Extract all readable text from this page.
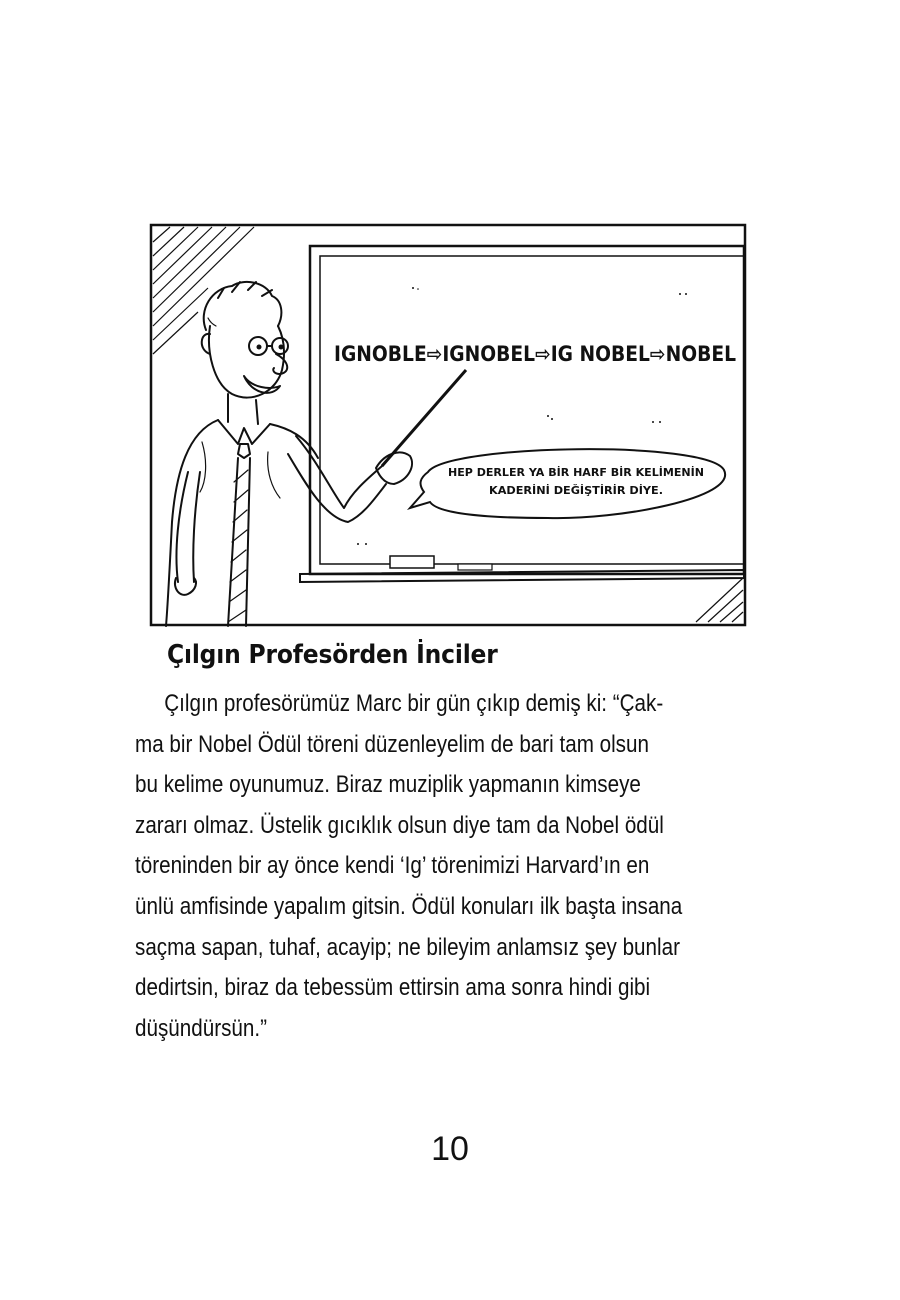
IGNOBLE⇨IGNOBEL⇨IG NOBEL⇨NOBEL
HEP DERLER YA BİR HARF BİR KELİMENİN
KADERİNİ DEĞİŞTİRİR DİYE.
Çılgın Profesörden İnciler
Çılgın profesörümüz Marc bir gün çıkıp demiş ki: “Çak-
ma bir Nobel Ödül töreni düzenleyelim de bari tam olsun
bu kelime oyunumuz. Biraz muziplik yapmanın kimseye
zararı olmaz. Üstelik gıcıklık olsun diye tam da Nobel ödül
töreninden bir ay önce kendi ‘Ig’ törenimizi Harvard’ın en
ünlü amfisinde yapalım gitsin. Ödül konuları ilk başta insana
saçma sapan, tuhaf, acayip; ne bileyim anlamsız şey bunlar
dedirtsin, biraz da tebessüm ettirsin ama sonra hindi gibi
düşündürsün.”
10
